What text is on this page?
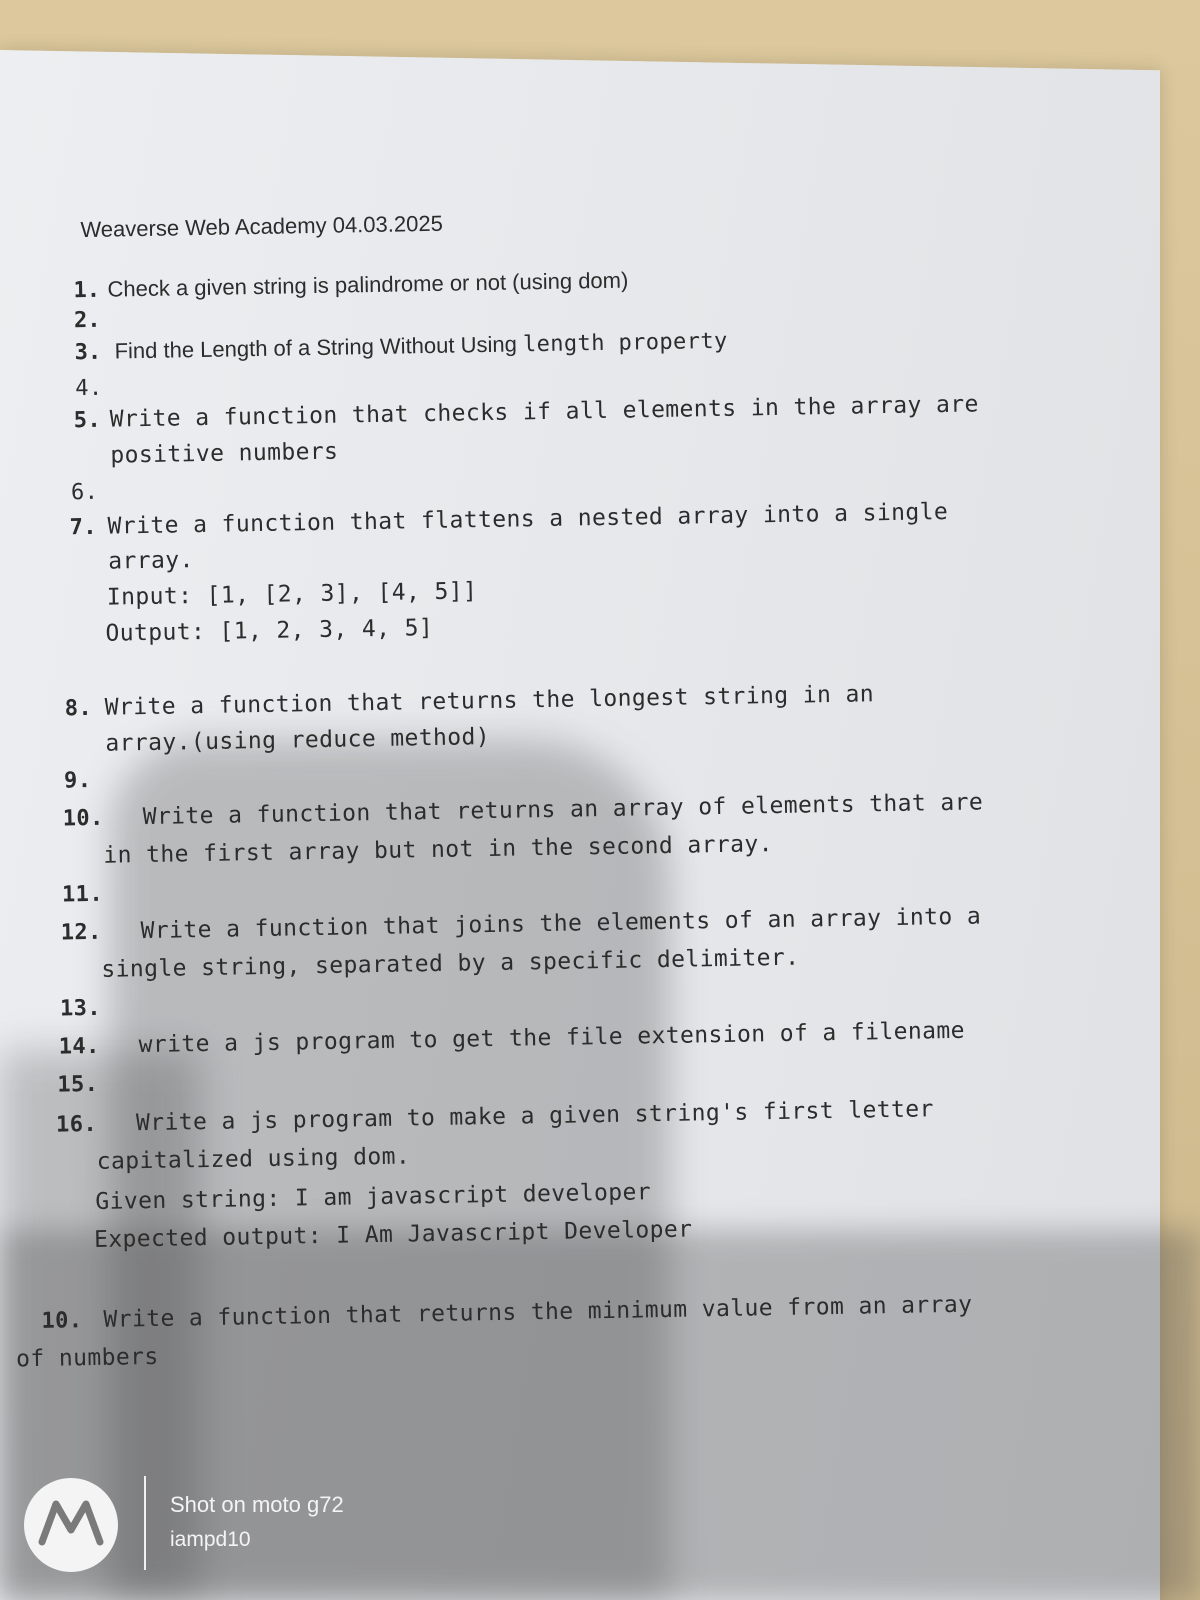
Weaverse Web Academy 04.03.2025
1. Check a given string is palindrome or not (using dom)
2.
3. Find the Length of a String Without Using length property
4.
5. Write a function that checks if all elements in the array are
positive numbers
6.
7. Write a function that flattens a nested array into a single
array.
Input: [1, [2, 3], [4, 5]]
Output: [1, 2, 3, 4, 5]
8. Write a function that returns the longest string in an
array.(using reduce method)
9.
10. Write a function that returns an array of elements that are
in the first array but not in the second array.
11.
12. Write a function that joins the elements of an array into a
single string, separated by a specific delimiter.
13.
14. write a js program to get the file extension of a filename
15.
16. Write a js program to make a given string's first letter
capitalized using dom.
Given string: I am javascript developer
Expected output: I Am Javascript Developer
10. Write a function that returns the minimum value from an array
of numbers
Shot on moto g72
iampd10
